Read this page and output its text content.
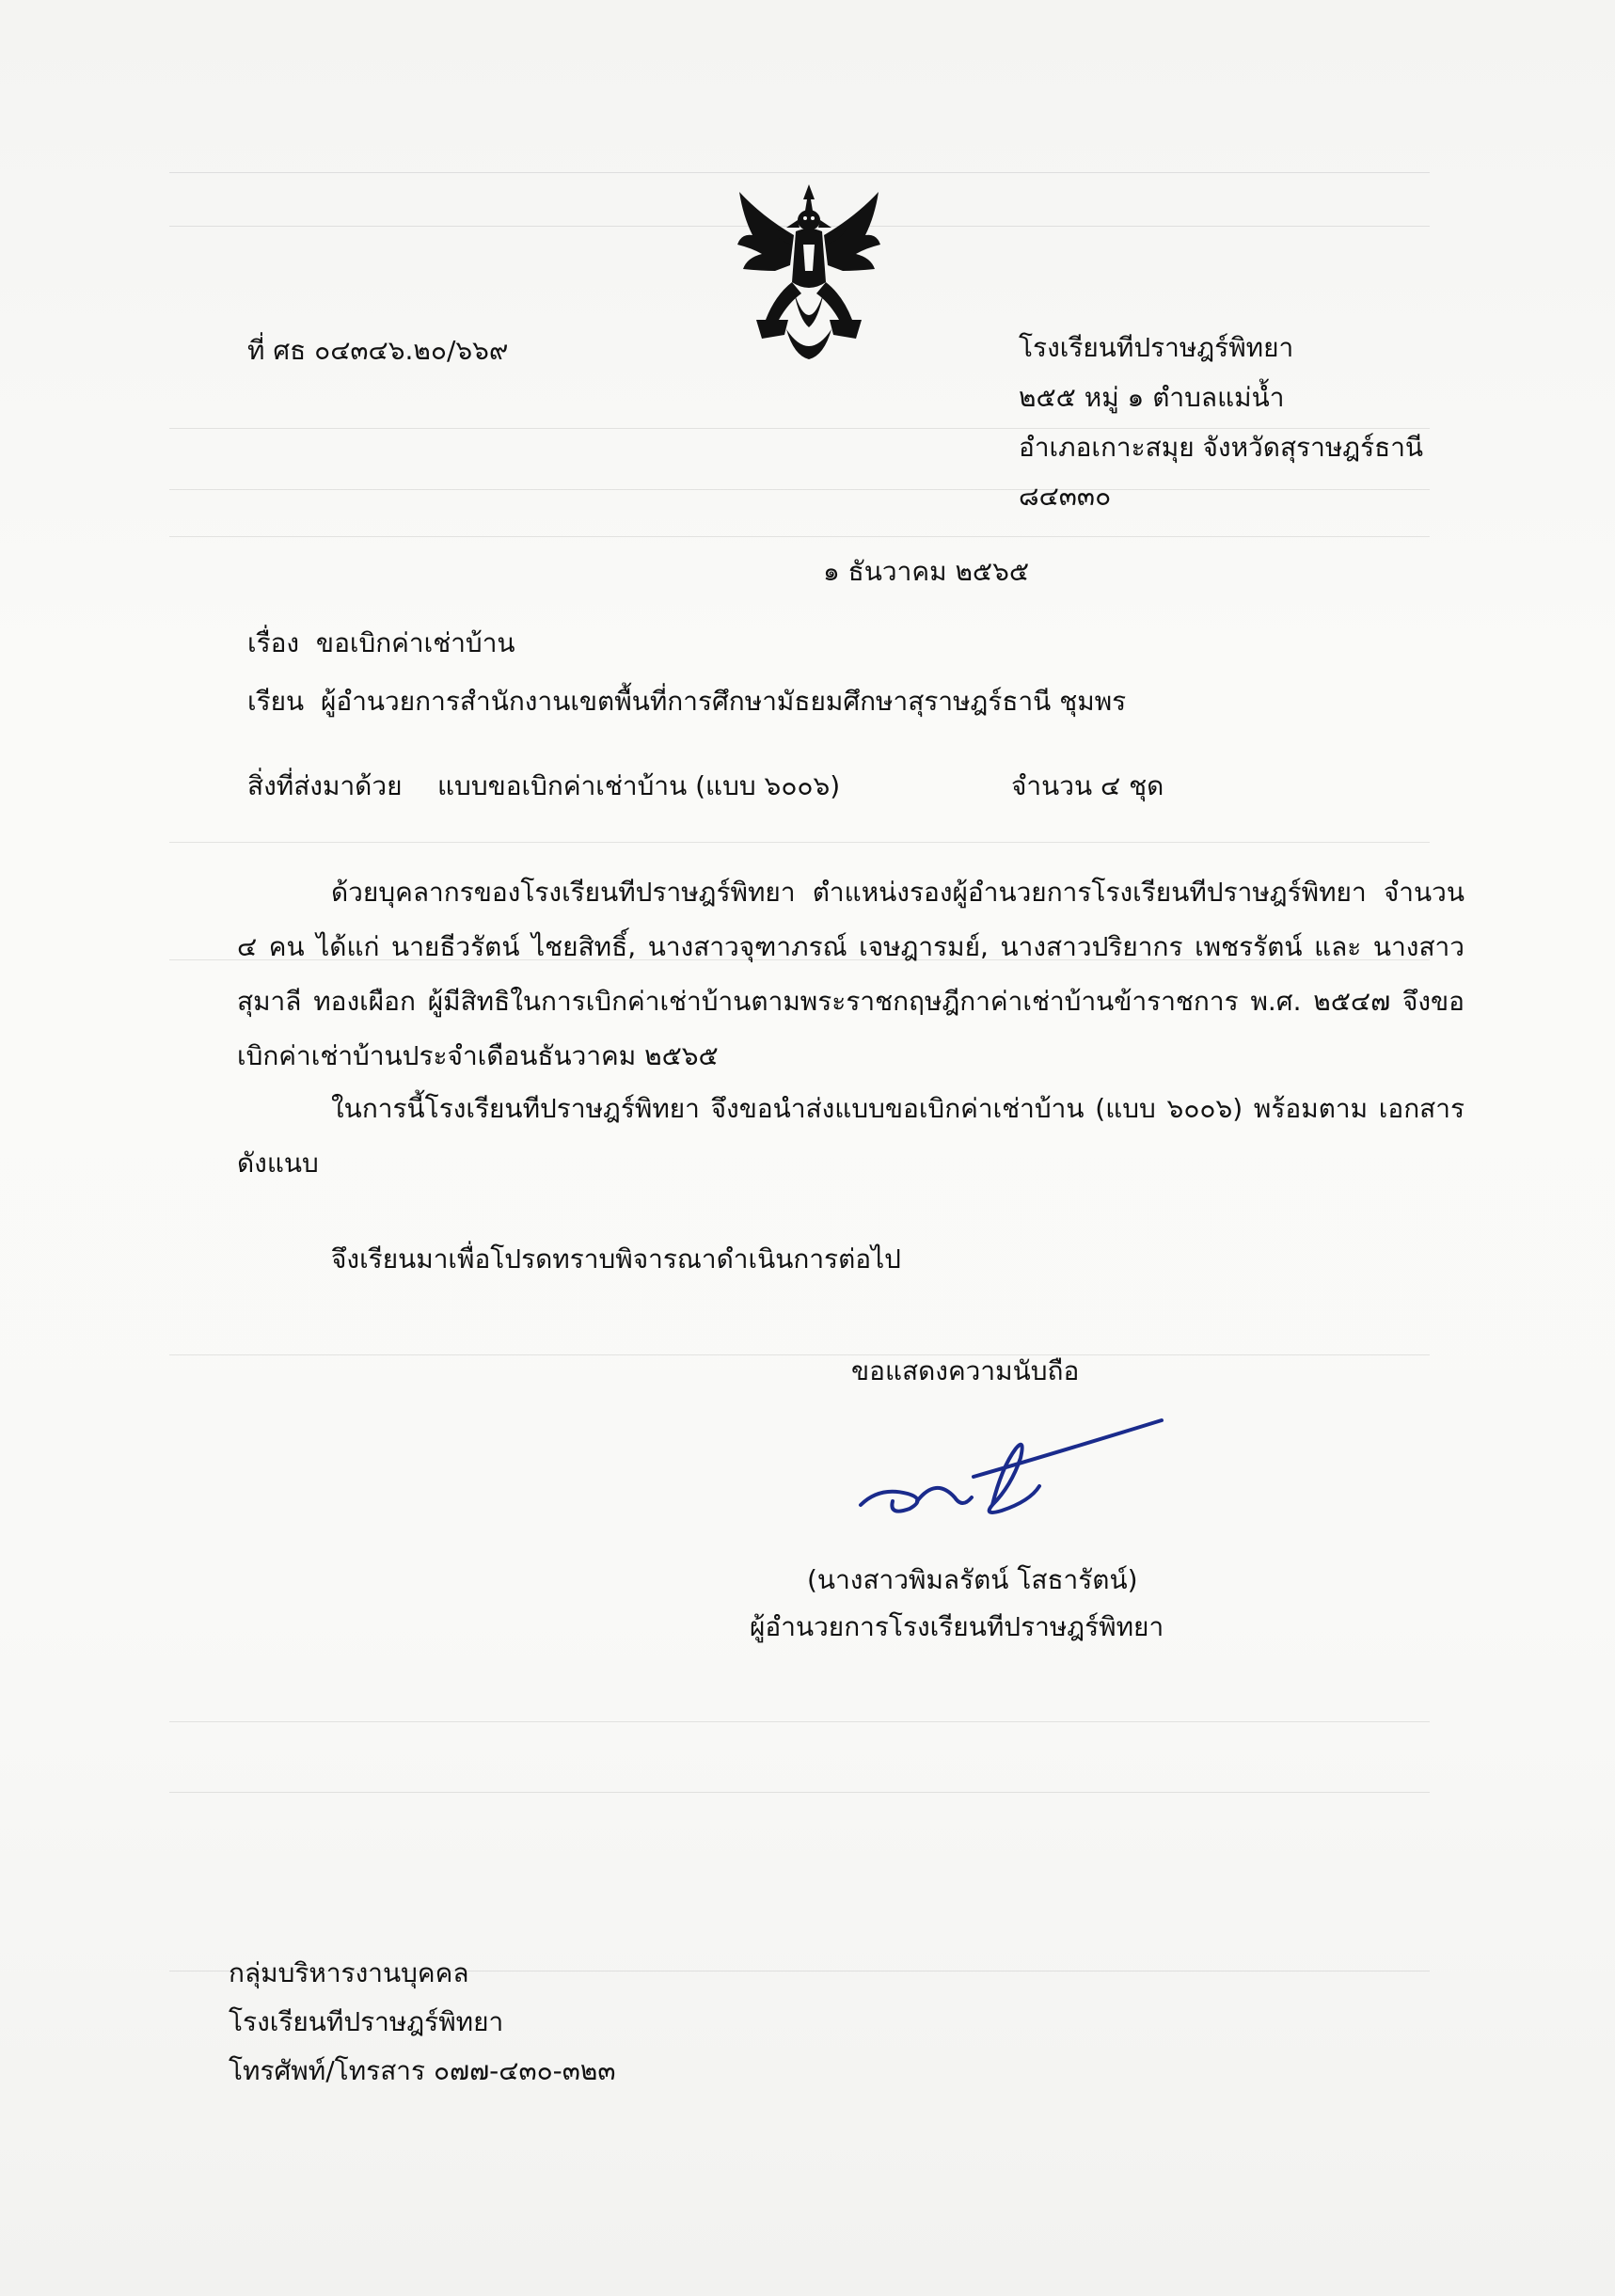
ที่ ศธ ๐๔๓๔๖.๒๐/๖๖๙	โรงเรียนทีปราษฎร์พิทยา
๒๕๕ หมู่ ๑ ตำบลแม่น้ำ
อำเภอเกาะสมุย จังหวัดสุราษฎร์ธานี
๘๔๓๓๐
๑ ธันวาคม ๒๕๖๕
เรื่อง ขอเบิกค่าเช่าบ้าน
เรียน ผู้อำนวยการสำนักงานเขตพื้นที่การศึกษามัธยมศึกษาสุราษฎร์ธานี ชุมพร
สิ่งที่ส่งมาด้วย แบบขอเบิกค่าเช่าบ้าน (แบบ ๖๐๐๖)	จำนวน ๔ ชุด
ด้วยบุคลากรของโรงเรียนทีปราษฎร์พิทยา ตำแหน่งรองผู้อำนวยการโรงเรียนทีปราษฎร์พิทยา จำนวน ๔ คน ได้แก่ นายธีวรัตน์ ไชยสิทธิ์, นางสาวจุฑาภรณ์ เจษฎารมย์, นางสาวปริยากร เพชรรัตน์ และ นางสาวสุมาลี ทองเผือก ผู้มีสิทธิในการเบิกค่าเช่าบ้านตามพระราชกฤษฎีกาค่าเช่าบ้านข้าราชการ พ.ศ. ๒๕๔๗ จึงขอเบิกค่าเช่าบ้านประจำเดือนธันวาคม ๒๕๖๕
ในการนี้โรงเรียนทีปราษฎร์พิทยา จึงขอนำส่งแบบขอเบิกค่าเช่าบ้าน (แบบ ๖๐๐๖) พร้อมตาม เอกสารดังแนบ
จึงเรียนมาเพื่อโปรดทราบพิจารณาดำเนินการต่อไป
ขอแสดงความนับถือ
(นางสาวพิมลรัตน์ โสธารัตน์)
ผู้อำนวยการโรงเรียนทีปราษฎร์พิทยา
กลุ่มบริหารงานบุคคล
โรงเรียนทีปราษฎร์พิทยา
โทรศัพท์/โทรสาร ๐๗๗-๔๓๐-๓๒๓
